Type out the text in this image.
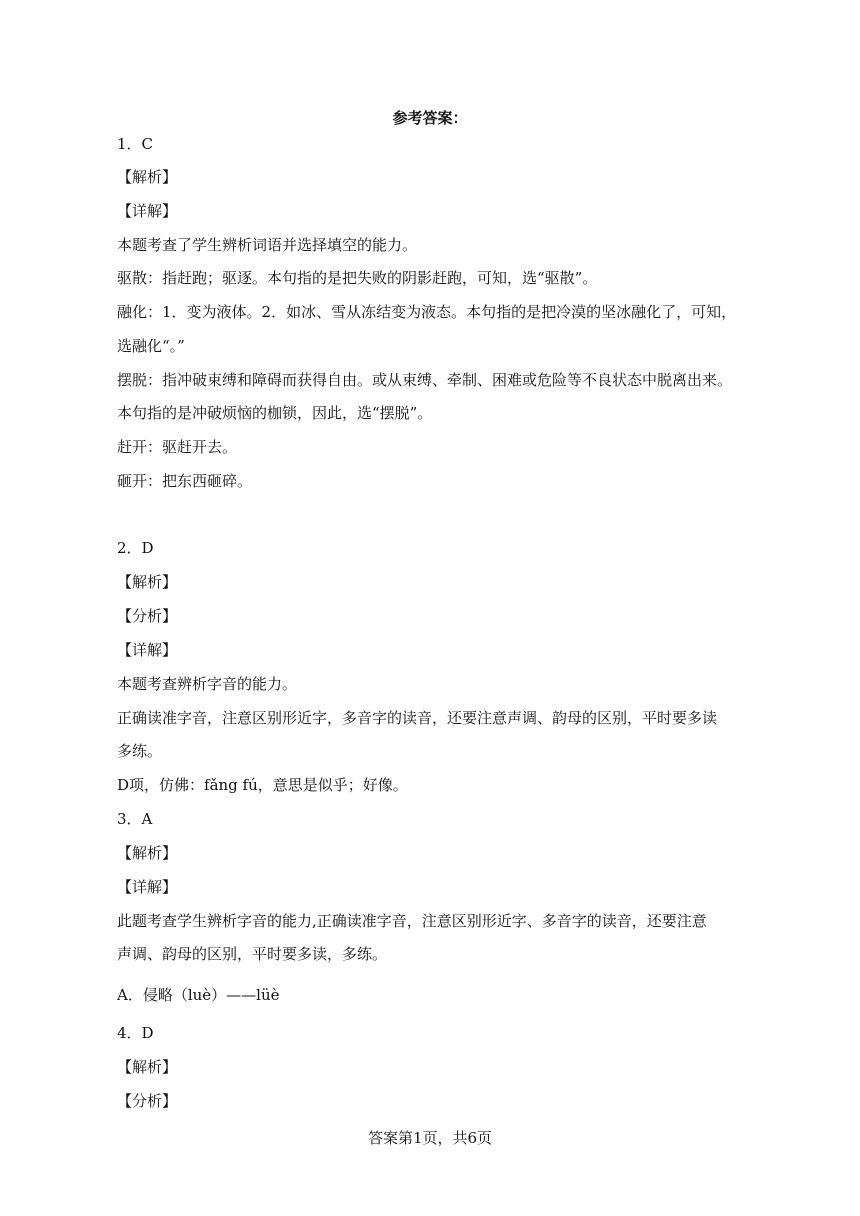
参考答案：
1．C
【解析】
【详解】
本题考查了学生辨析词语并选择填空的能力。
驱散：指赶跑；驱逐。本句指的是把失败的阴影赶跑，可知，选“驱散”。
融化：1．变为液体。2．如冰、雪从冻结变为液态。本句指的是把冷漠的坚冰融化了，可知，
选融化“。”
摆脱：指冲破束缚和障碍而获得自由。或从束缚、牵制、困难或危险等不良状态中脱离出来。
本句指的是冲破烦恼的枷锁，因此，选“摆脱”。
赶开：驱赶开去。
砸开：把东西砸碎。
2．D
【解析】
【分析】
【详解】
本题考查辨析字音的能力。
正确读准字音，注意区别形近字，多音字的读音，还要注意声调、韵母的区别，平时要多读
多练。
D项，仿佛：fǎng fú，意思是似乎；好像。
3．A
【解析】
【详解】
此题考查学生辨析字音的能力,正确读准字音，注意区别形近字、多音字的读音，还要注意
声调、韵母的区别，平时要多读，多练。
A．侵略（luè）——lüè
4．D
【解析】
【分析】
答案第1页，共6页
